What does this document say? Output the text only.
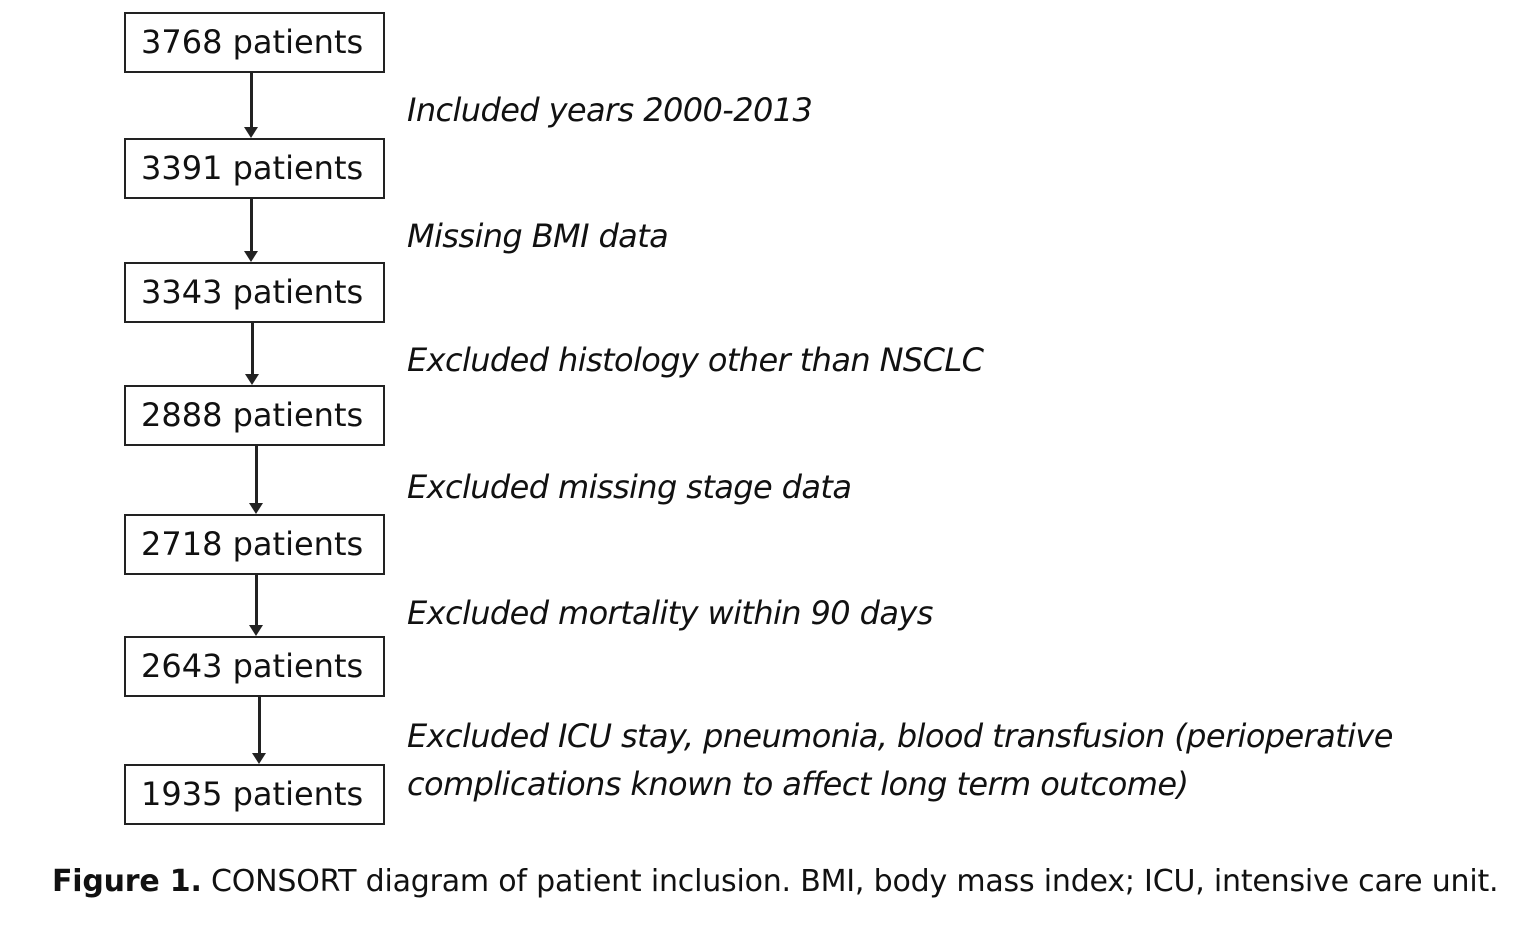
3768 patients
3391 patients
3343 patients
2888 patients
2718 patients
2643 patients
1935 patients
Included years 2000-2013
Missing BMI data
Excluded histology other than NSCLC
Excluded missing stage data
Excluded mortality within 90 days
Excluded ICU stay, pneumonia, blood transfusion (perioperative
complications known to affect long term outcome)
Figure 1. CONSORT diagram of patient inclusion. BMI, body mass index; ICU, intensive care unit.
